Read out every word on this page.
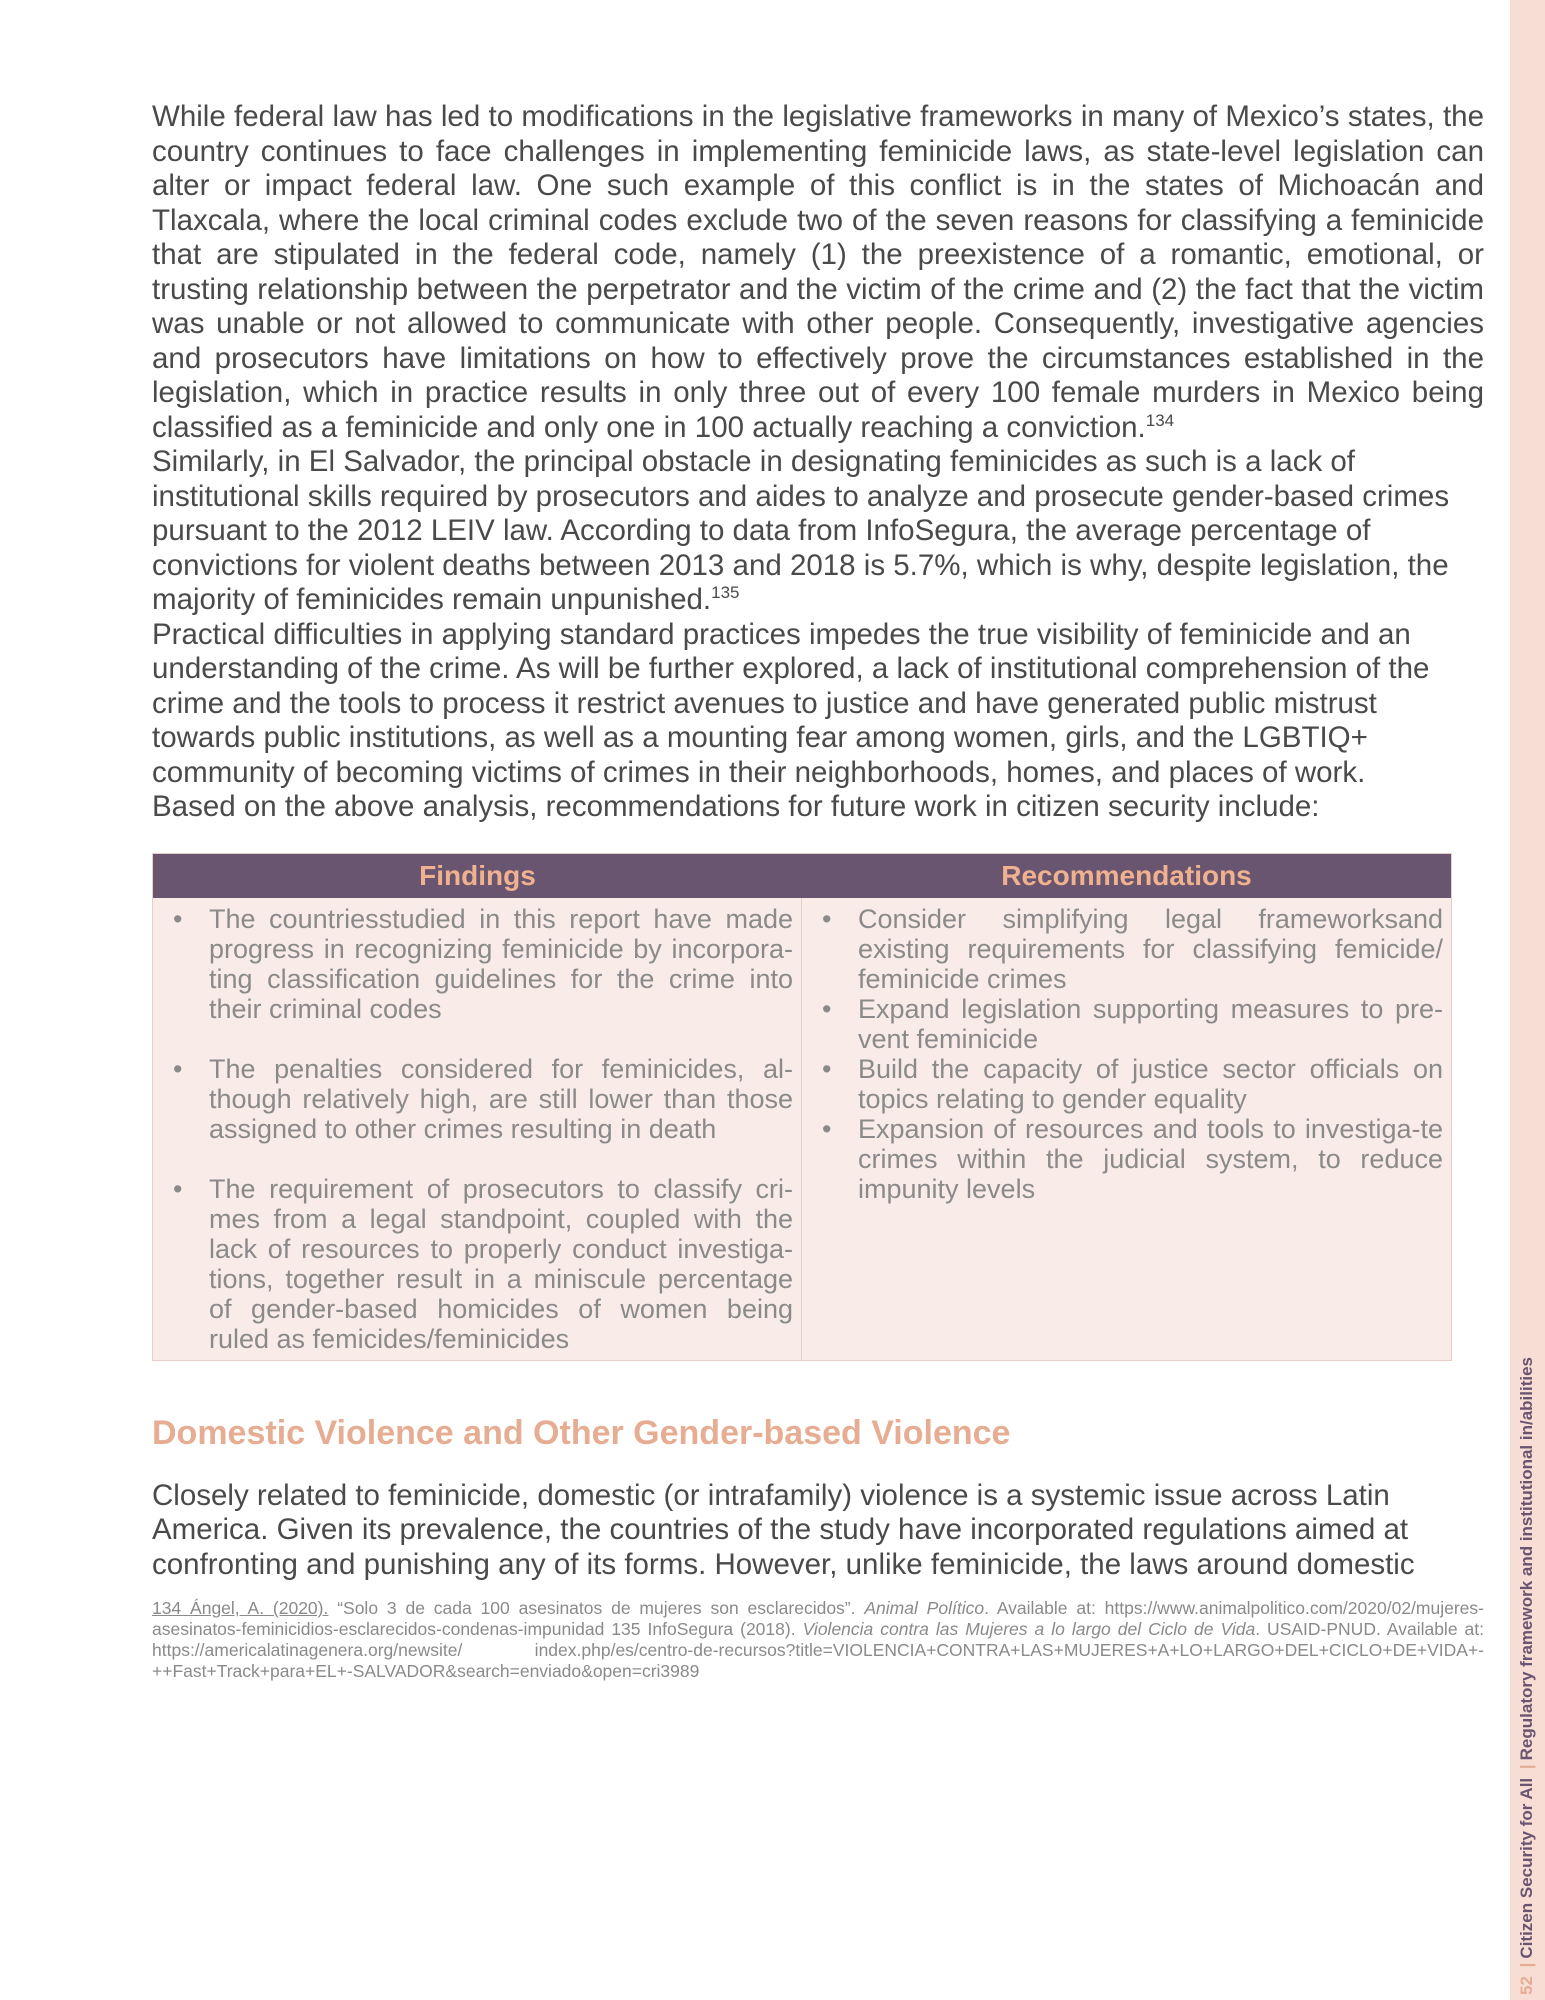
While federal law has led to modifications in the legislative frameworks in many of Mexico’s states, the country continues to face challenges in implementing feminicide laws, as state-level legislation can alter or impact federal law. One such example of this conflict is in the states of Michoacán and Tlaxcala, where the local criminal codes exclude two of the seven reasons for classifying a feminicide that are stipulated in the federal code, namely (1) the preexistence of a romantic, emotional, or trusting relationship between the perpetrator and the victim of the crime and (2) the fact that the victim was unable or not allowed to communicate with other people. Consequently, investigative agencies and prosecutors have limitations on how to effectively prove the circumstances established in the legislation, which in practice results in only three out of every 100 female murders in Mexico being classified as a feminicide and only one in 100 actually reaching a conviction.$^{134}$

Similarly, in El Salvador, the principal obstacle in designating feminicides as such is a lack of institutional skills required by prosecutors and aides to analyze and prosecute gender-based crimes pursuant to the 2012 LEIV law. According to data from InfoSegura, the average percentage of convictions for violent deaths between 2013 and 2018 is 5.7%, which is why, despite legislation, the majority of feminicides remain unpunished.$^{135}$

Practical difficulties in applying standard practices impedes the true visibility of feminicide and an understanding of the crime. As will be further explored, a lack of institutional comprehension of the crime and the tools to process it restrict avenues to justice and have generated public mistrust towards public institutions, as well as a mounting fear among women, girls, and the LGBTIQ+ community of becoming victims of crimes in their neighborhoods, homes, and places of work.

Based on the above analysis, recommendations for future work in citizen security include:

Findings	Recommendations
• The countriesstudied in this report have made progress in recognizing feminicide by incorpora-ting classification guidelines for the crime into their criminal codes
• The penalties considered for feminicides, al-though relatively high, are still lower than those assigned to other crimes resulting in death
• The requirement of prosecutors to classify cri-mes from a legal standpoint, coupled with the lack of resources to properly conduct investiga-tions, together result in a miniscule percentage of gender-based homicides of women being ruled as femicides/feminicides
• Consider simplifying legal frameworksand existing requirements for classifying femicide/ feminicide crimes
• Expand legislation supporting measures to pre-vent feminicide
• Build the capacity of justice sector officials on topics relating to gender equality
• Expansion of resources and tools to investiga-te crimes within the judicial system, to reduce impunity levels
Domestic Violence and Other Gender-based Violence

Closely related to feminicide, domestic (or intrafamily) violence is a systemic issue across Latin America. Given its prevalence, the countries of the study have incorporated regulations aimed at confronting and punishing any of its forms. However, unlike feminicide, the laws around domestic

134 Ángel, A. (2020). “Solo 3 de cada 100 asesinatos de mujeres son esclarecidos”. Animal Político. Available at: https://www.animalpolitico.com/2020/02/mujeres-asesinatos-feminicidios-esclarecidos-condenas-impunidad 135 InfoSegura (2018). Violencia contra las Mujeres a lo largo del Ciclo de Vida. USAID-PNUD. Available at: https://americalatinagenera.org/newsite/ index.php/es/centro-de-recursos?title=VIOLENCIA+CONTRA+LAS+MUJERES+A+LO+LARGO+DEL+CICLO+DE+VIDA+-++Fast+Track+para+EL+-SALVADOR&search=enviado&open=cri3989
52 |Citizen Security for All |Regulatory framework and institutional in/abilities
